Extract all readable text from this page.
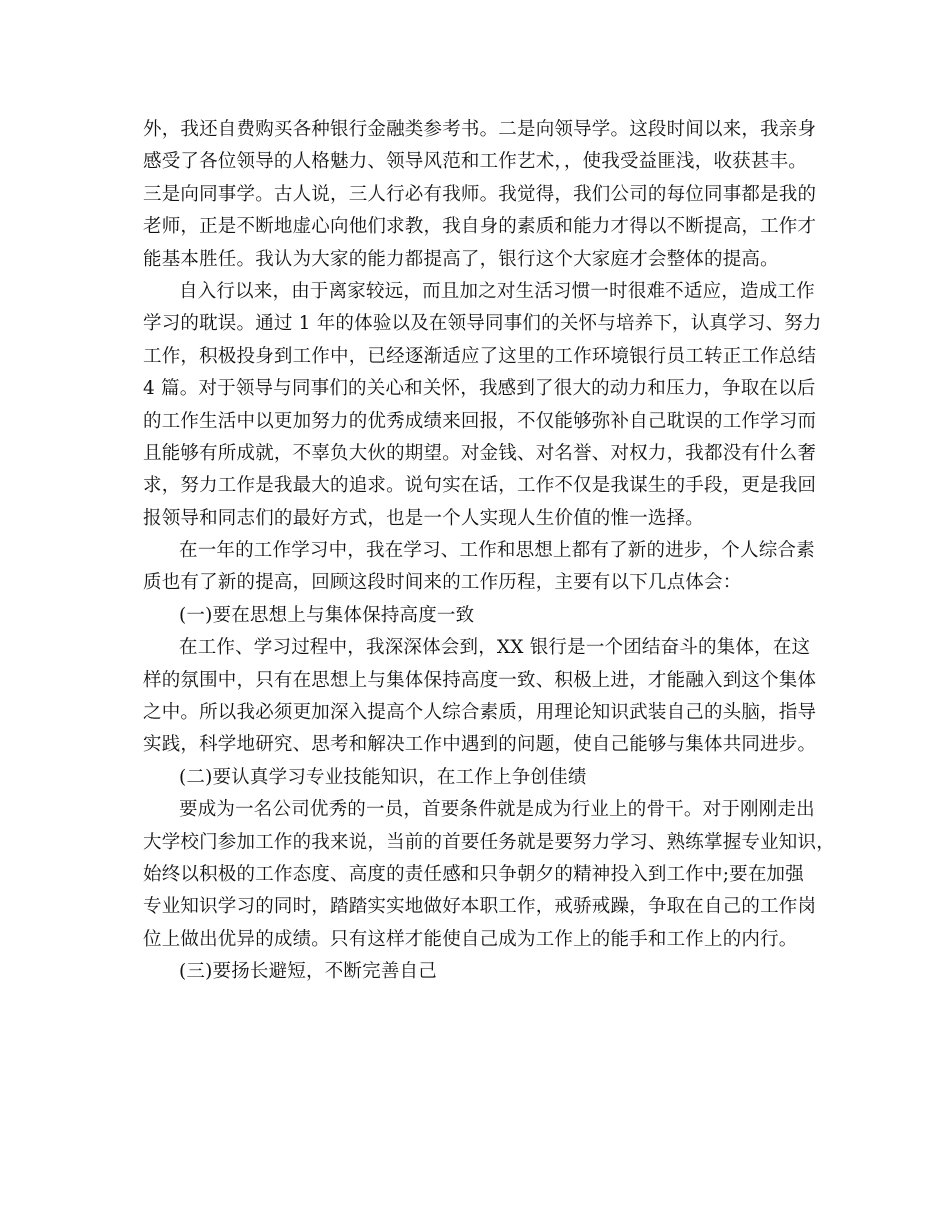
外，我还自费购买各种银行金融类参考书。二是向领导学。这段时间以来，我亲身
感受了各位领导的人格魅力、领导风范和工作艺术，，使我受益匪浅，收获甚丰。
三是向同事学。古人说，三人行必有我师。我觉得，我们公司的每位同事都是我的
老师，正是不断地虚心向他们求教，我自身的素质和能力才得以不断提高，工作才
能基本胜任。我认为大家的能力都提高了，银行这个大家庭才会整体的提高。
自入行以来，由于离家较远，而且加之对生活习惯一时很难不适应，造成工作
学习的耽误。通过 1 年的体验以及在领导同事们的关怀与培养下，认真学习、努力
工作，积极投身到工作中，已经逐渐适应了这里的工作环境银行员工转正工作总结
4 篇。对于领导与同事们的关心和关怀，我感到了很大的动力和压力，争取在以后
的工作生活中以更加努力的优秀成绩来回报，不仅能够弥补自己耽误的工作学习而
且能够有所成就，不辜负大伙的期望。对金钱、对名誉、对权力，我都没有什么奢
求，努力工作是我最大的追求。说句实在话，工作不仅是我谋生的手段，更是我回
报领导和同志们的最好方式，也是一个人实现人生价值的惟一选择。
在一年的工作学习中，我在学习、工作和思想上都有了新的进步，个人综合素
质也有了新的提高，回顾这段时间来的工作历程，主要有以下几点体会：
(一)要在思想上与集体保持高度一致
在工作、学习过程中，我深深体会到，XX 银行是一个团结奋斗的集体，在这
样的氛围中，只有在思想上与集体保持高度一致、积极上进，才能融入到这个集体
之中。所以我必须更加深入提高个人综合素质，用理论知识武装自己的头脑，指导
实践，科学地研究、思考和解决工作中遇到的问题，使自己能够与集体共同进步。
(二)要认真学习专业技能知识，在工作上争创佳绩
要成为一名公司优秀的一员，首要条件就是成为行业上的骨干。对于刚刚走出
大学校门参加工作的我来说，当前的首要任务就是要努力学习、熟练掌握专业知识，
始终以积极的工作态度、高度的责任感和只争朝夕的精神投入到工作中;要在加强
专业知识学习的同时，踏踏实实地做好本职工作，戒骄戒躁，争取在自己的工作岗
位上做出优异的成绩。只有这样才能使自己成为工作上的能手和工作上的内行。
(三)要扬长避短，不断完善自己
